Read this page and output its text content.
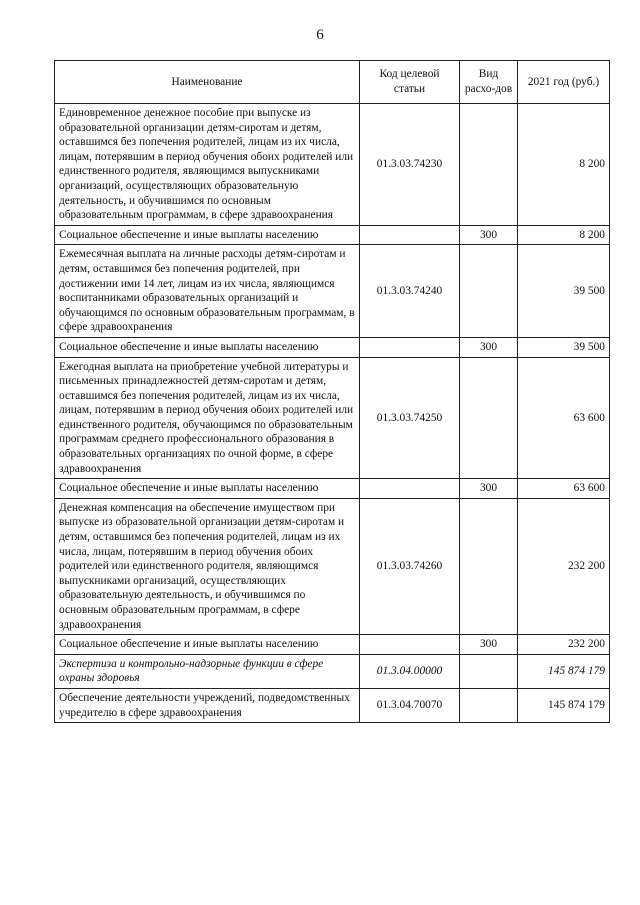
6
Наименование	Код целевой статьи	Вид расхо-дов	2021 год (руб.)
Единовременное денежное пособие при выпуске из образовательной организации детям-сиротам и детям, оставшимся без попечения родителей, лицам из их числа, лицам, потерявшим в период обучения обоих родителей или единственного родителя, являющимся выпускниками организаций, осуществляющих образовательную деятельность, и обучившимся по основным образовательным программам, в сфере здравоохранения	01.3.03.74230		8 200
Социальное обеспечение и иные выплаты населению		300	8 200
Ежемесячная выплата на личные расходы детям-сиротам и детям, оставшимся без попечения родителей, при достижении ими 14 лет, лицам из их числа, являющимся воспитанниками образовательных организаций и обучающимся по основным образовательным программам, в сфере здравоохранения	01.3.03.74240		39 500
Социальное обеспечение и иные выплаты населению		300	39 500
Ежегодная выплата на приобретение учебной литературы и письменных принадлежностей детям-сиротам и детям, оставшимся без попечения родителей, лицам из их числа, лицам, потерявшим в период обучения обоих родителей или единственного родителя, обучающимся по образовательным программам среднего профессионального образования в образовательных организациях по очной форме, в сфере здравоохранения	01.3.03.74250		63 600
Социальное обеспечение и иные выплаты населению		300	63 600
Денежная компенсация на обеспечение имуществом при выпуске из образовательной организации детям-сиротам и детям, оставшимся без попечения родителей, лицам из их числа, лицам, потерявшим в период обучения обоих родителей или единственного родителя, являющимся выпускниками организаций, осуществляющих образовательную деятельность, и обучившимся по основным образовательным программам, в сфере здравоохранения	01.3.03.74260		232 200
Социальное обеспечение и иные выплаты населению		300	232 200
Экспертиза и контрольно-надзорные функции в сфере охраны здоровья	01.3.04.00000		145 874 179
Обеспечение деятельности учреждений, подведомственных учредителю в сфере здравоохранения	01.3.04.70070		145 874 179
